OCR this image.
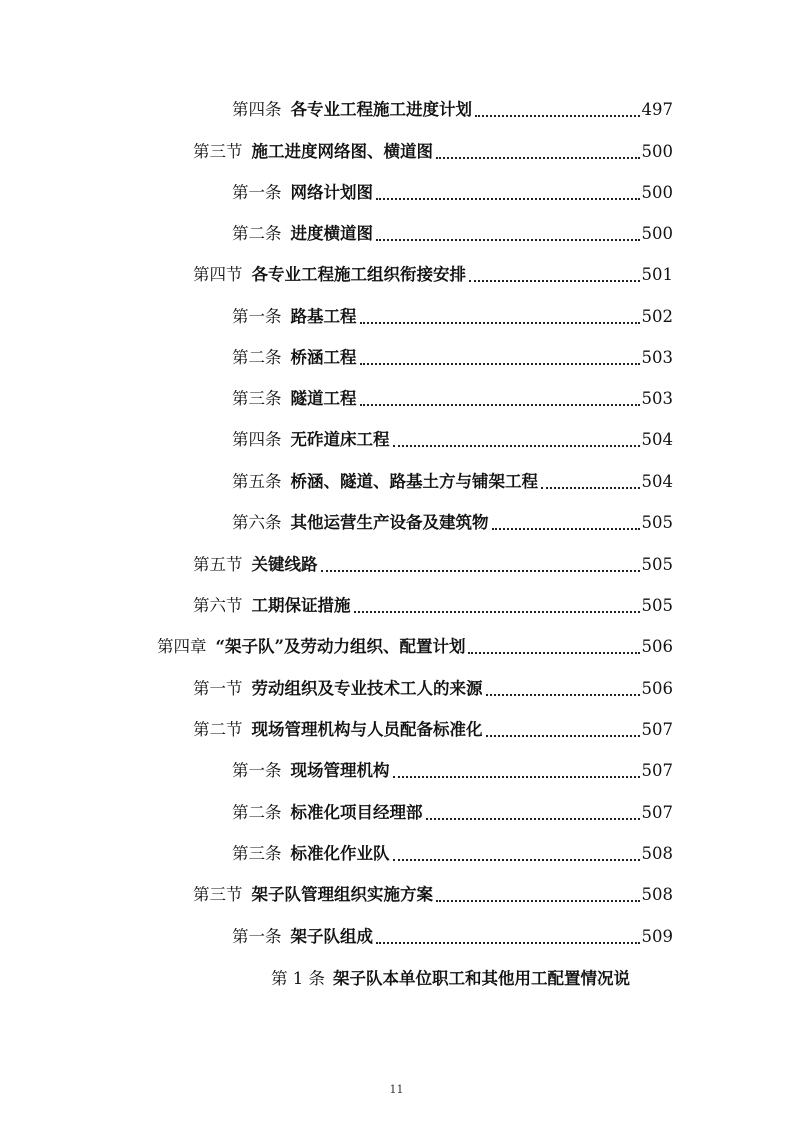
第四条 各专业工程施工进度计划	497
第三节 施工进度网络图、横道图	500
第一条 网络计划图	500
第二条 进度横道图	500
第四节 各专业工程施工组织衔接安排	501
第一条 路基工程	502
第二条 桥涵工程	503
第三条 隧道工程	503
第四条 无砟道床工程	504
第五条 桥涵、隧道、路基土方与铺架工程	504
第六条 其他运营生产设备及建筑物	505
第五节 关键线路	505
第六节 工期保证措施	505
第四章 “架子队”及劳动力组织、配置计划	506
第一节 劳动组织及专业技术工人的来源	506
第二节 现场管理机构与人员配备标准化	507
第一条 现场管理机构	507
第二条 标准化项目经理部	507
第三条 标准化作业队	508
第三节 架子队管理组织实施方案	508
第一条 架子队组成	509
第 1 条 架子队本单位职工和其他用工配置情况说
11
